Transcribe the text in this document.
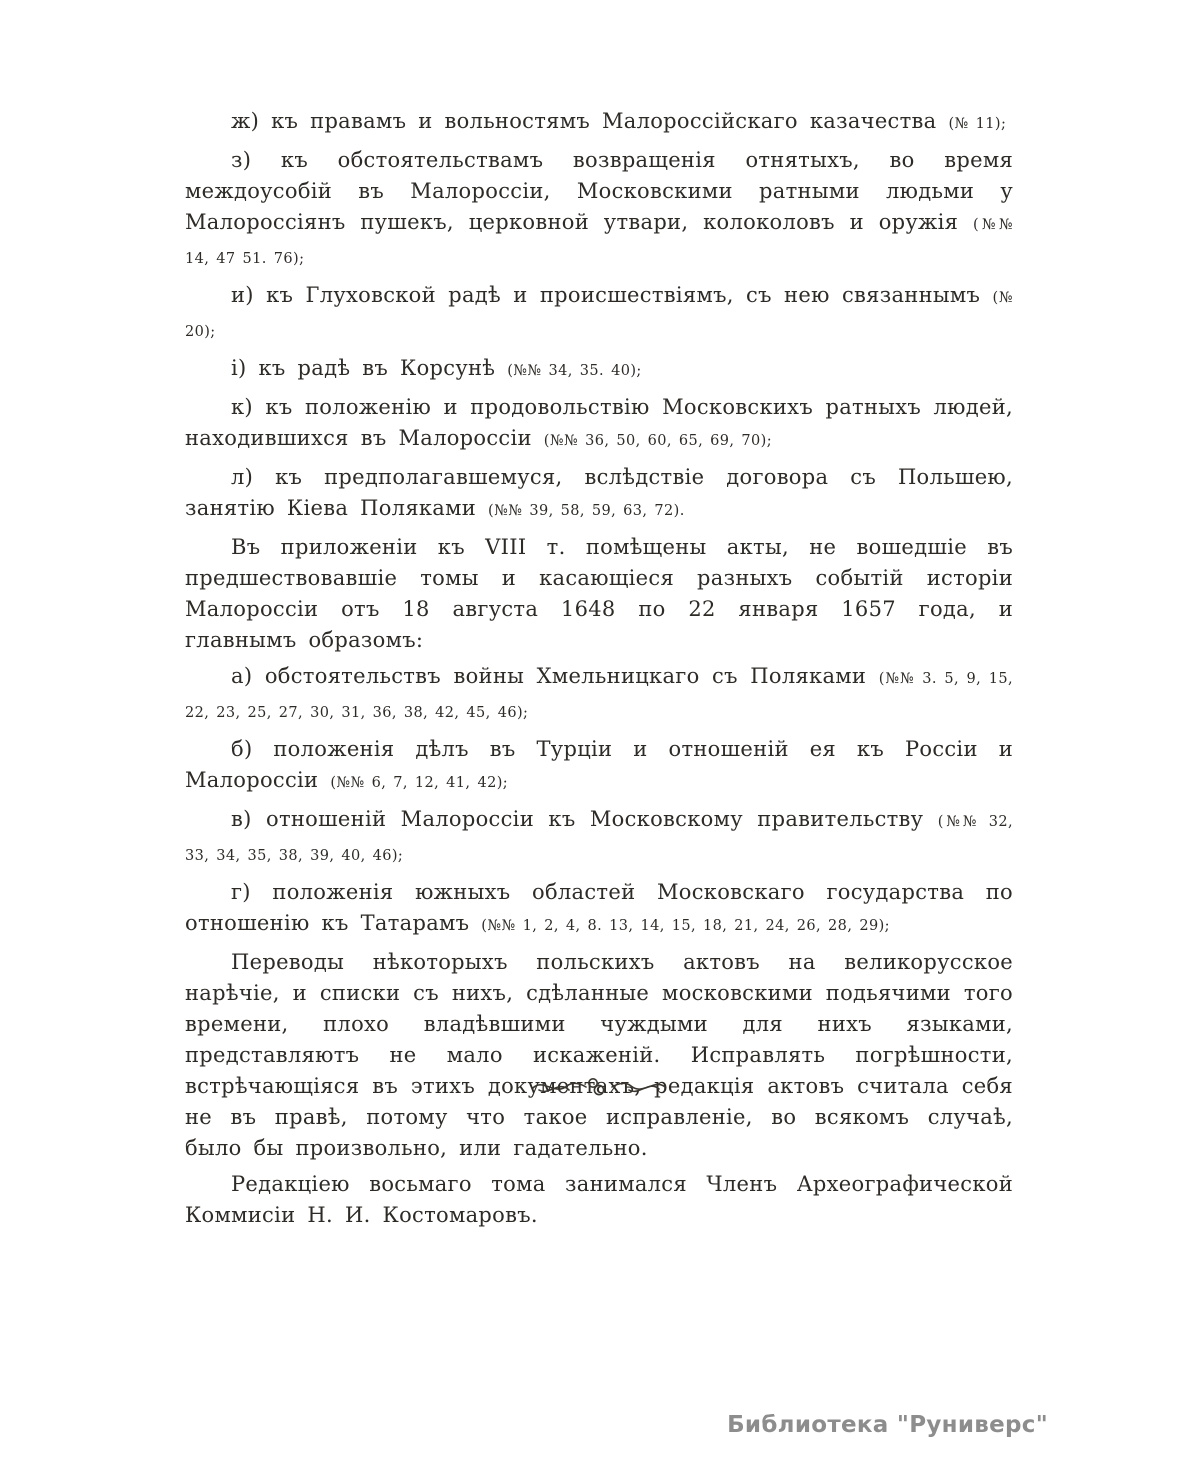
ж) къ правамъ и вольностямъ Малороссійскаго казачества (№ 11);

з) къ обстоятельствамъ возвращенія отнятыхъ, во время междоусобій въ Малороссіи, Московскими ратными людьми у Малороссіянъ пушекъ, церковной утвари, колоколовъ и оружія (№№ 14, 47 51. 76);

и) къ Глуховской радѣ и происшествіямъ, съ нею связаннымъ (№ 20);

і) къ радѣ въ Корсунѣ (№№ 34, 35. 40);

к) къ положенію и продовольствію Московскихъ ратныхъ людей, находившихся въ Малороссіи (№№ 36, 50, 60, 65, 69, 70);

л) къ предполагавшемуся, вслѣдствіе договора съ Польшею, занятію Кіева Поляками (№№ 39, 58, 59, 63, 72).

Въ приложеніи къ VIII т. помѣщены акты, не вошедшіе въ предшествовавшіе томы и касающіеся разныхъ событій исторіи Малороссіи отъ 18 августа 1648 по 22 января 1657 года, и главнымъ образомъ:

а) обстоятельствъ войны Хмельницкаго съ Поляками (№№ 3. 5, 9, 15, 22, 23, 25, 27, 30, 31, 36, 38, 42, 45, 46);

б) положенія дѣлъ въ Турціи и отношеній ея къ Россіи и Малороссіи (№№ 6, 7, 12, 41, 42);

в) отношеній Малороссіи къ Московскому правительству (№№ 32, 33, 34, 35, 38, 39, 40, 46);

г) положенія южныхъ областей Московскаго государства по отношенію къ Татарамъ (№№ 1, 2, 4, 8. 13, 14, 15, 18, 21, 24, 26, 28, 29);

Переводы нѣкоторыхъ польскихъ актовъ на великорусское нарѣчіе, и списки съ нихъ, сдѣланные московскими подьячими того времени, плохо владѣвшими чуждыми для нихъ языками, представляютъ не мало искаженій. Исправлять погрѣшности, встрѣчающіяся въ этихъ документахъ, редакція актовъ считала себя не въ правѣ, потому что такое исправленіе, во всякомъ случаѣ, было бы произвольно, или гадательно.

Редакціею восьмаго тома занимался Членъ Археографической Коммисіи Н. И. Костомаровъ.

Библиотека "Руниверс"
